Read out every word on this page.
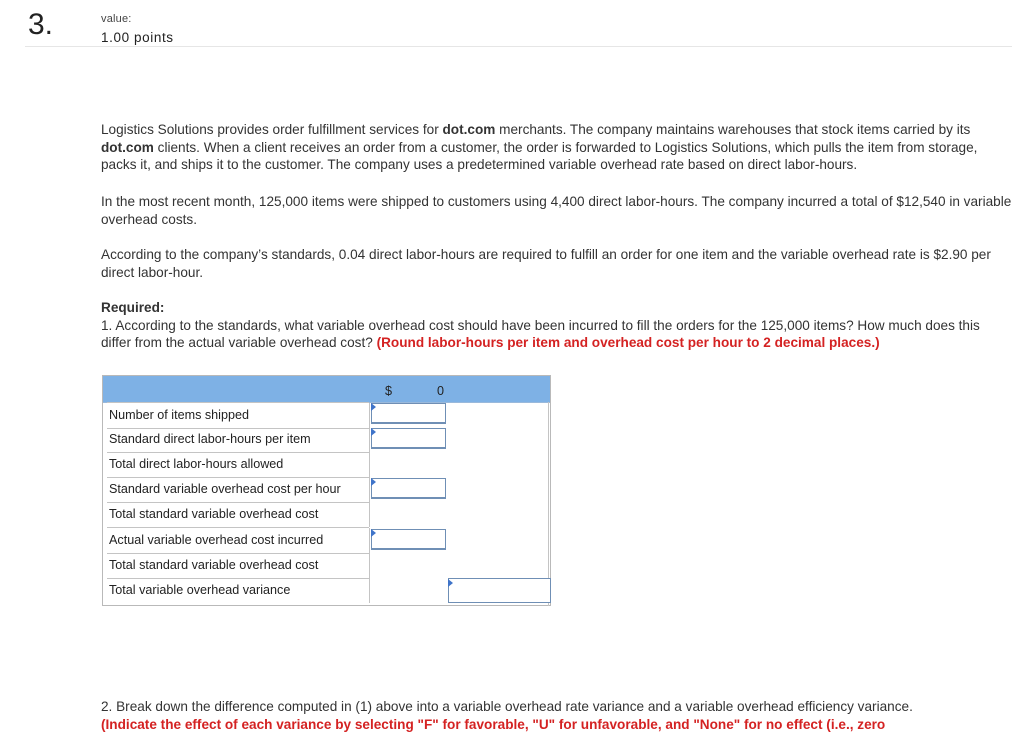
3.	value:
1.00 points

Logistics Solutions provides order fulfillment services for dot.com merchants. The company maintains warehouses that stock items carried by its dot.com clients. When a client receives an order from a customer, the order is forwarded to Logistics Solutions, which pulls the item from storage, packs it, and ships it to the customer. The company uses a predetermined variable overhead rate based on direct labor-hours.

In the most recent month, 125,000 items were shipped to customers using 4,400 direct labor-hours. The company incurred a total of $12,540 in variable overhead costs.

According to the company’s standards, 0.04 direct labor-hours are required to fulfill an order for one item and the variable overhead rate is $2.90 per direct labor-hour.

Required:
1. According to the standards, what variable overhead cost should have been incurred to fill the orders for the 125,000 items? How much does this differ from the actual variable overhead cost? (Round labor-hours per item and overhead cost per hour to 2 decimal places.)

Number of items shipped
Standard direct labor-hours per item
Total direct labor-hours allowed
Standard variable overhead cost per hour
Total standard variable overhead cost
Actual variable overhead cost incurred
Total standard variable overhead cost
Total variable overhead variance
$	0

2. Break down the difference computed in (1) above into a variable overhead rate variance and a variable overhead efficiency variance.
(Indicate the effect of each variance by selecting "F" for favorable, "U" for unfavorable, and "None" for no effect (i.e., zero
